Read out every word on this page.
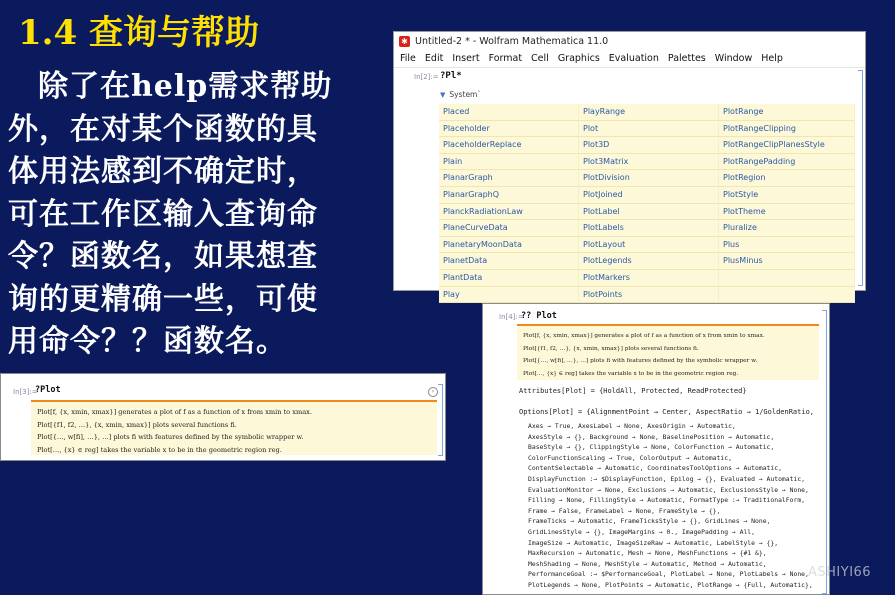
1.4 查询与帮助
除了在help需求帮助
外，在对某个函数的具
体用法感到不确定时，
可在工作区输入查询命
令？函数名，如果想查
询的更精确一些，可使
用命令？？函数名。
✱ Untitled-2 * - Wolfram Mathematica 11.0
File Edit Insert Format Cell Graphics Evaluation Palettes Window Help
In[2]:= ?Pl*
▼ System`
Placed	PlayRange	PlotRange
Placeholder	Plot	PlotRangeClipping
PlaceholderReplace	Plot3D	PlotRangeClipPlanesStyle
Plain	Plot3Matrix	PlotRangePadding
PlanarGraph	PlotDivision	PlotRegion
PlanarGraphQ	PlotJoined	PlotStyle
PlanckRadiationLaw	PlotLabel	PlotTheme
PlaneCurveData	PlotLabels	Pluralize
PlanetaryMoonData	PlotLayout	Plus
PlanetData	PlotLegends	PlusMinus
PlantData	PlotMarkers
Play	PlotPoints
In[3]:=
?Plot	›
Plot[f, {x, xmin, xmax}] generates a plot of f as a function of x from xmin to xmax.
Plot[{f1, f2, …}, {x, xmin, xmax}] plots several functions fi.
Plot[{…, w[fi], …}, …] plots fi with features defined by the symbolic wrapper w.
Plot[…, {x} ∈ reg] takes the variable x to be in the geometric region reg.
In[4]:=
?? Plot
Plot[f, {x, xmin, xmax}] generates a plot of f as a function of x from xmin to xmax.
Plot[{f1, f2, …}, {x, xmin, xmax}] plots several functions fi.
Plot[{…, w[fi], …}, …] plots fi with features defined by the symbolic wrapper w.
Plot[…, {x} ∈ reg] takes the variable x to be in the geometric region reg.
Attributes[Plot] = {HoldAll, Protected, ReadProtected}
Options[Plot] = {AlignmentPoint → Center, AspectRatio → 1/GoldenRatio,
Axes → True, AxesLabel → None, AxesOrigin → Automatic,
AxesStyle → {}, Background → None, BaselinePosition → Automatic,
BaseStyle → {}, ClippingStyle → None, ColorFunction → Automatic,
ColorFunctionScaling → True, ColorOutput → Automatic,
ContentSelectable → Automatic, CoordinatesToolOptions → Automatic,
DisplayFunction :→ $DisplayFunction, Epilog → {}, Evaluated → Automatic,
EvaluationMonitor → None, Exclusions → Automatic, ExclusionsStyle → None,
Filling → None, FillingStyle → Automatic, FormatType :→ TraditionalForm,
Frame → False, FrameLabel → None, FrameStyle → {},
FrameTicks → Automatic, FrameTicksStyle → {}, GridLines → None,
GridLinesStyle → {}, ImageMargins → 0., ImagePadding → All,
ImageSize → Automatic, ImageSizeRaw → Automatic, LabelStyle → {},
MaxRecursion → Automatic, Mesh → None, MeshFunctions → {#1 &},
MeshShading → None, MeshStyle → Automatic, Method → Automatic,
PerformanceGoal :→ $PerformanceGoal, PlotLabel → None, PlotLabels → None,
PlotLegends → None, PlotPoints → Automatic, PlotRange → {Full, Automatic},
ASHIYI66
